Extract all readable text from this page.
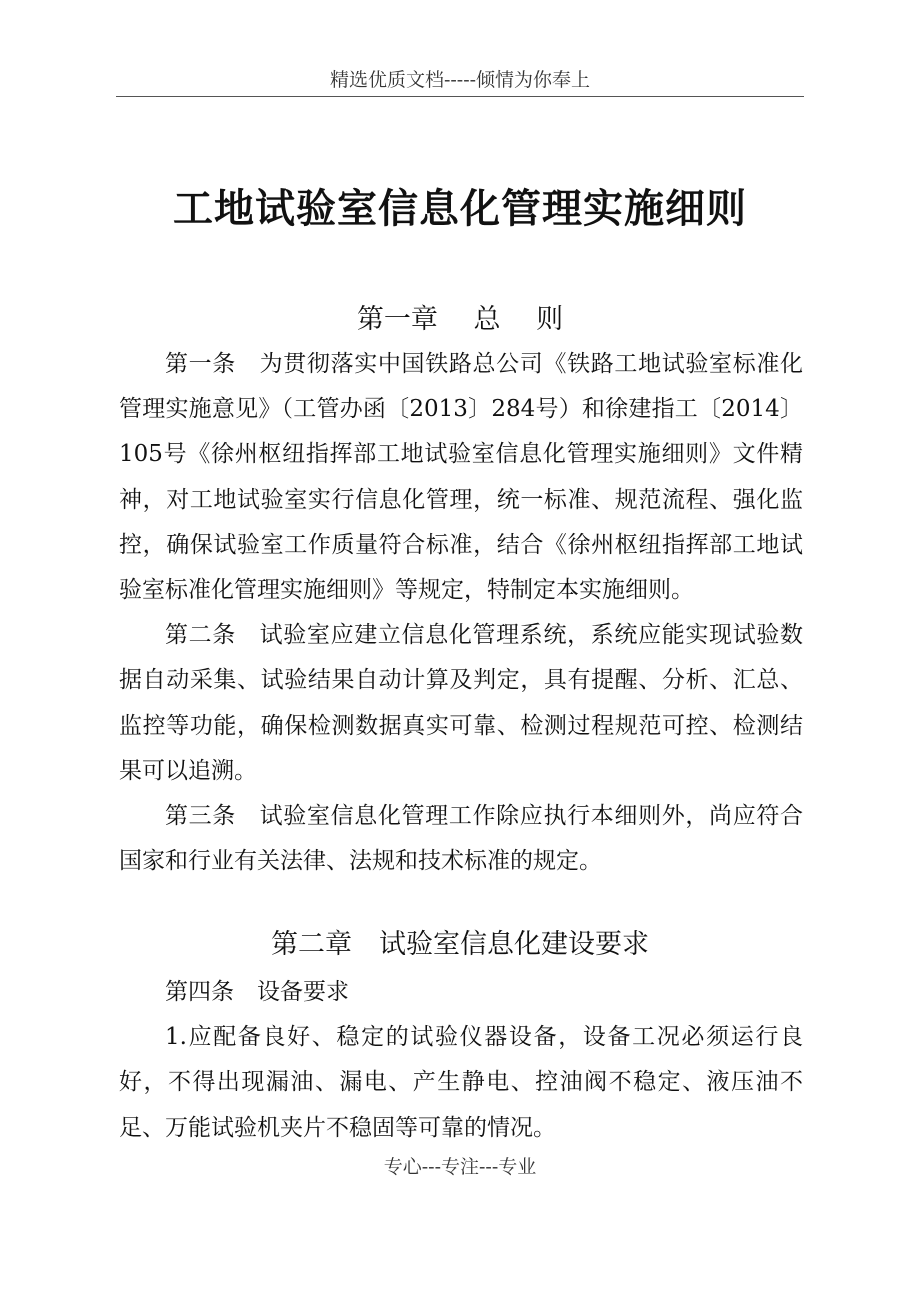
精选优质文档-----倾情为你奉上
工地试验室信息化管理实施细则
第一章　 总　 则

第一条　为贯彻落实中国铁路总公司《铁路工地试验室标准化管理实施意见》（工管办函〔2013〕284号）和徐建指工〔2014〕105号《徐州枢纽指挥部工地试验室信息化管理实施细则》文件精神，对工地试验室实行信息化管理，统一标准、规范流程、强化监控，确保试验室工作质量符合标准，结合《徐州枢纽指挥部工地试验室标准化管理实施细则》等规定，特制定本实施细则。

第二条　试验室应建立信息化管理系统，系统应能实现试验数据自动采集、试验结果自动计算及判定，具有提醒、分析、汇总、监控等功能，确保检测数据真实可靠、检测过程规范可控、检测结果可以追溯。

第三条　试验室信息化管理工作除应执行本细则外，尚应符合国家和行业有关法律、法规和技术标准的规定。

第二章　试验室信息化建设要求

第四条　设备要求

1.应配备良好、稳定的试验仪器设备，设备工况必须运行良好，不得出现漏油、漏电、产生静电、控油阀不稳定、液压油不足、万能试验机夹片不稳固等可靠的情况。

专心---专注---专业
